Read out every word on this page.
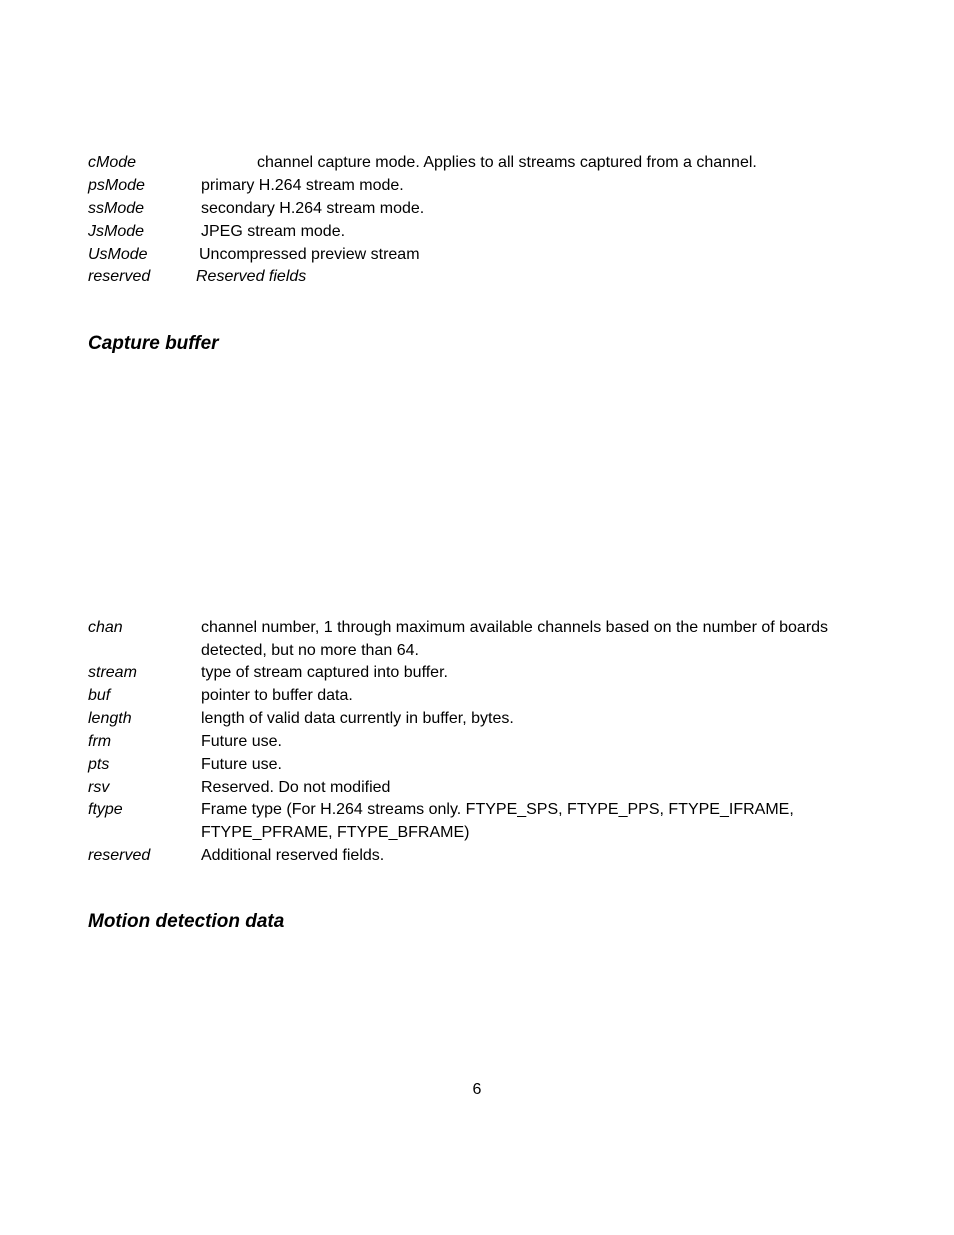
cMode	channel capture mode. Applies to all streams captured from a channel.
psMode	primary H.264 stream mode.
ssMode	secondary H.264 stream mode.
JsMode	JPEG stream mode.
UsMode	Uncompressed preview stream
reserved	Reserved fields
Capture buffer
chan	channel number, 1 through maximum available channels based on the number of boards detected, but no more than 64.
stream	type of stream captured into buffer.
buf	pointer to buffer data.
length	length of valid data currently in buffer, bytes.
frm	Future use.
pts	Future use.
rsv	Reserved. Do not modified
ftype	Frame type (For H.264 streams only. FTYPE_SPS, FTYPE_PPS, FTYPE_IFRAME, FTYPE_PFRAME, FTYPE_BFRAME)
reserved	Additional reserved fields.
Motion detection data
6
